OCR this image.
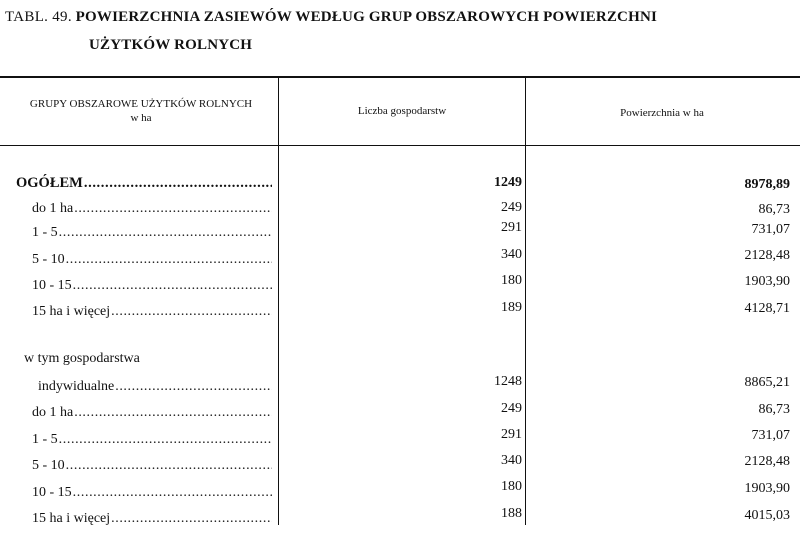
TABL. 49. POWIERZCHNIA ZASIEWÓW WEDŁUG GRUP OBSZAROWYCH POWIERZCHNI
UŻYTKÓW ROLNYCH
GRUPY OBSZAROWE UŻYTKÓW ROLNYCH
w ha
Liczba gospodarstw	Powierzchnia w ha
OGÓŁEM .....	1249	8978,89
do 1 ha .....	249	86,73
1 - 5 .....	291	731,07
5 - 10 .....	340	2128,48
10 - 15 .....	180	1903,90
15 ha i więcej .....	189	4128,71
w tym gospodarstwa
indywidualne .....	1248	8865,21
do 1 ha .....	249	86,73
1 - 5 .....	291	731,07
5 - 10 .....	340	2128,48
10 - 15 .....	180	1903,90
15 ha i więcej .....	188	4015,03
